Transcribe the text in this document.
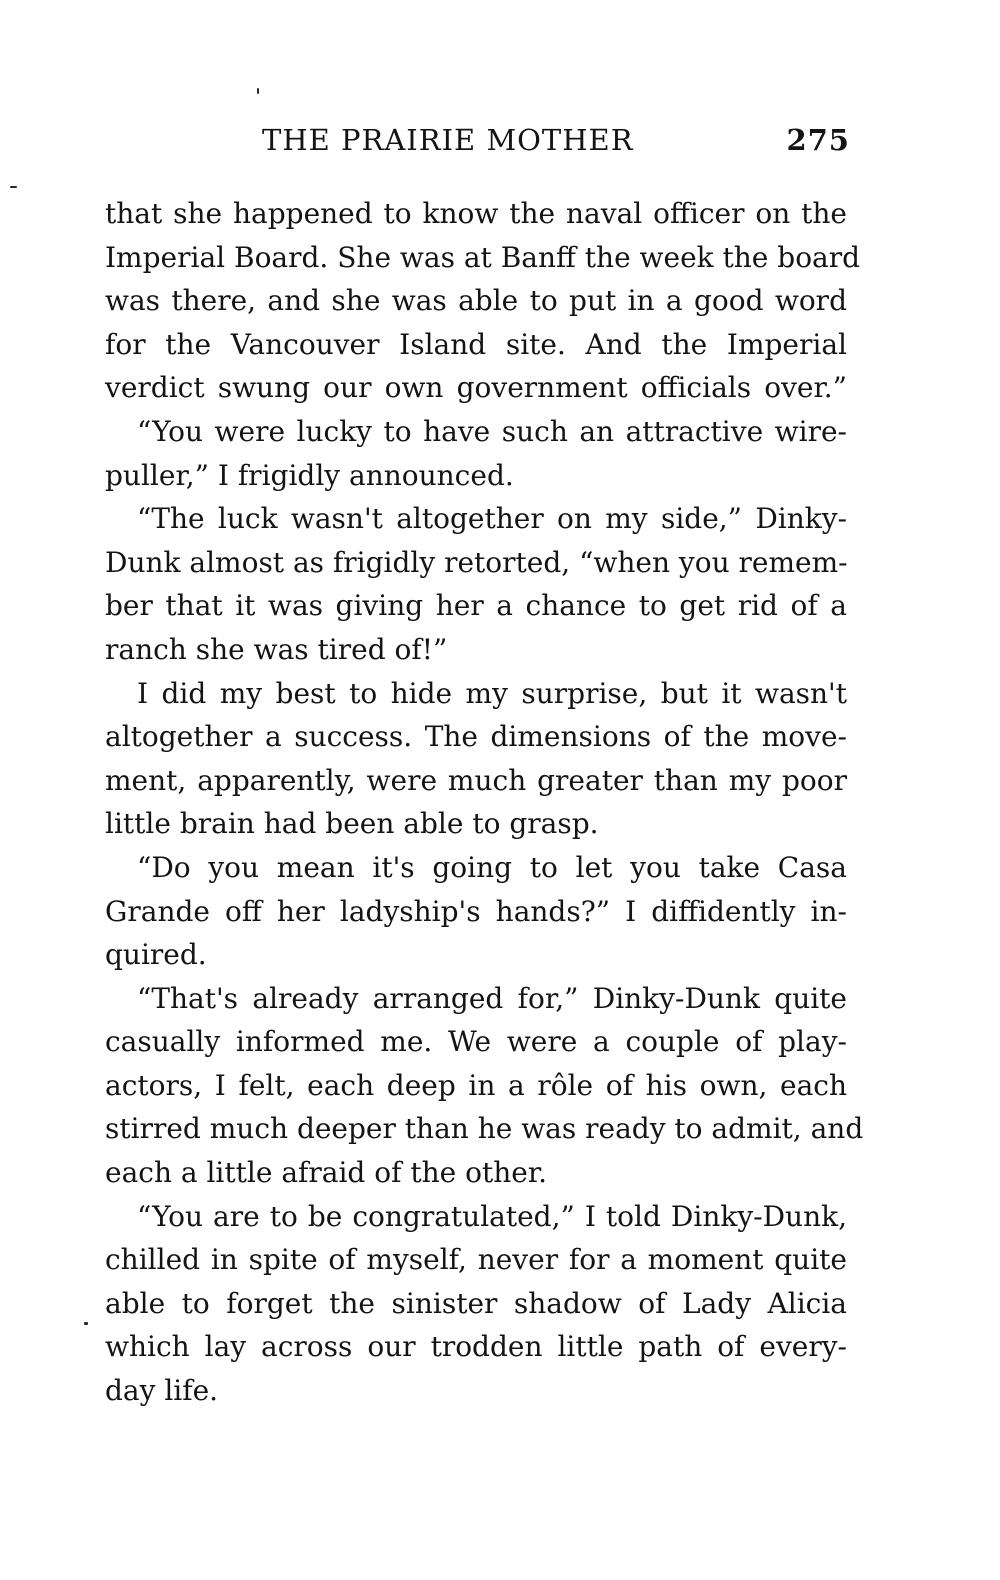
THE PRAIRIE MOTHER	275
that she happened to know the naval officer on the
Imperial Board. She was at Banff the week the board
was there, and she was able to put in a good word
for the Vancouver Island site. And the Imperial
verdict swung our own government officials over.”
“You were lucky to have such an attractive wire-
puller,” I frigidly announced.
“The luck wasn't altogether on my side,” Dinky-
Dunk almost as frigidly retorted, “when you remem-
ber that it was giving her a chance to get rid of a
ranch she was tired of!”
I did my best to hide my surprise, but it wasn't
altogether a success. The dimensions of the move-
ment, apparently, were much greater than my poor
little brain had been able to grasp.
“Do you mean it's going to let you take Casa
Grande off her ladyship's hands?” I diffidently in-
quired.
“That's already arranged for,” Dinky-Dunk quite
casually informed me. We were a couple of play-
actors, I felt, each deep in a rôle of his own, each
stirred much deeper than he was ready to admit, and
each a little afraid of the other.
“You are to be congratulated,” I told Dinky-Dunk,
chilled in spite of myself, never for a moment quite
able to forget the sinister shadow of Lady Alicia
which lay across our trodden little path of every-
day life.
